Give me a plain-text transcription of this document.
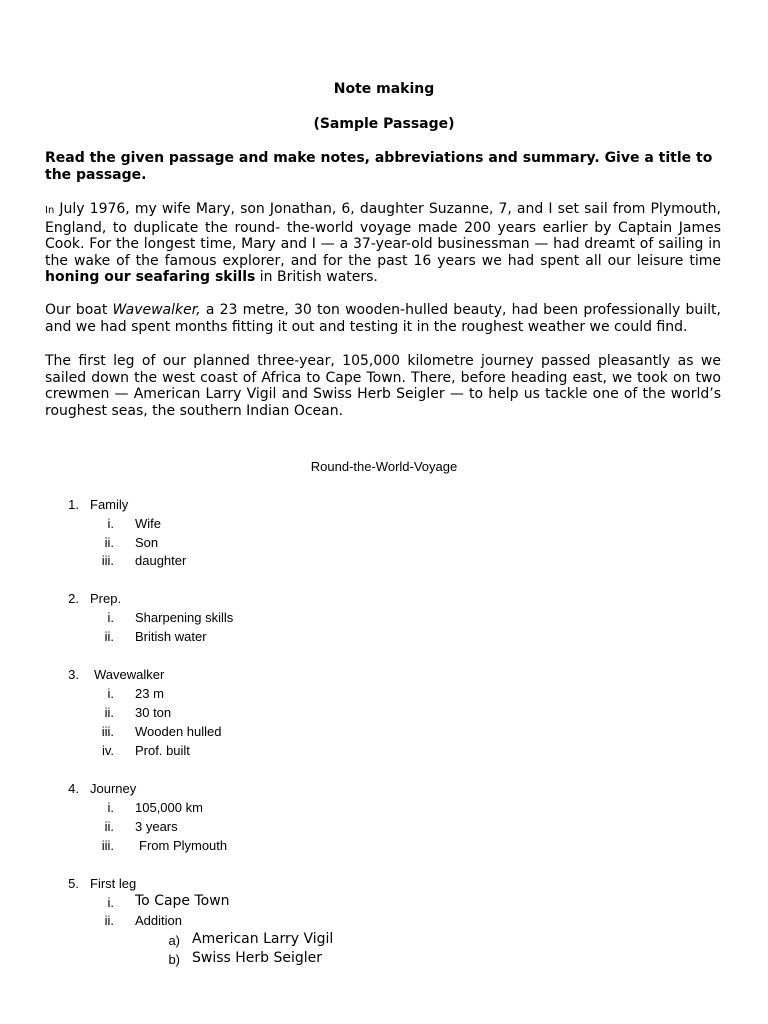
Note making
(Sample Passage)

Read the given passage and make notes, abbreviations and summary. Give a title to the passage.

In July 1976, my wife Mary, son Jonathan, 6, daughter Suzanne, 7, and I set sail from Plymouth, England, to duplicate the round- the-world voyage made 200 years earlier by Captain James Cook. For the longest time, Mary and I — a 37-year-old businessman — had dreamt of sailing in the wake of the famous explorer, and for the past 16 years we had spent all our leisure time honing our seafaring skills in British waters.

Our boat Wavewalker, a 23 metre, 30 ton wooden-hulled beauty, had been professionally built, and we had spent months fitting it out and testing it in the roughest weather we could find.

The first leg of our planned three-year, 105,000 kilometre journey passed pleasantly as we sailed down the west coast of Africa to Cape Town. There, before heading east, we took on two crewmen — American Larry Vigil and Swiss Herb Seigler — to help us tackle one of the world’s roughest seas, the southern Indian Ocean.

Round-the-World-Voyage
1. Family
i. Wife
ii. Son
iii. daughter
2. Prep.
i. Sharpening skills
ii. British water
3. Wavewalker
i. 23 m
ii. 30 ton
iii. Wooden hulled
iv. Prof. built
4. Journey
i. 105,000 km
ii. 3 years
iii. From Plymouth
5. First leg
i. To Cape Town
ii. Addition
a) American Larry Vigil
b) Swiss Herb Seigler
